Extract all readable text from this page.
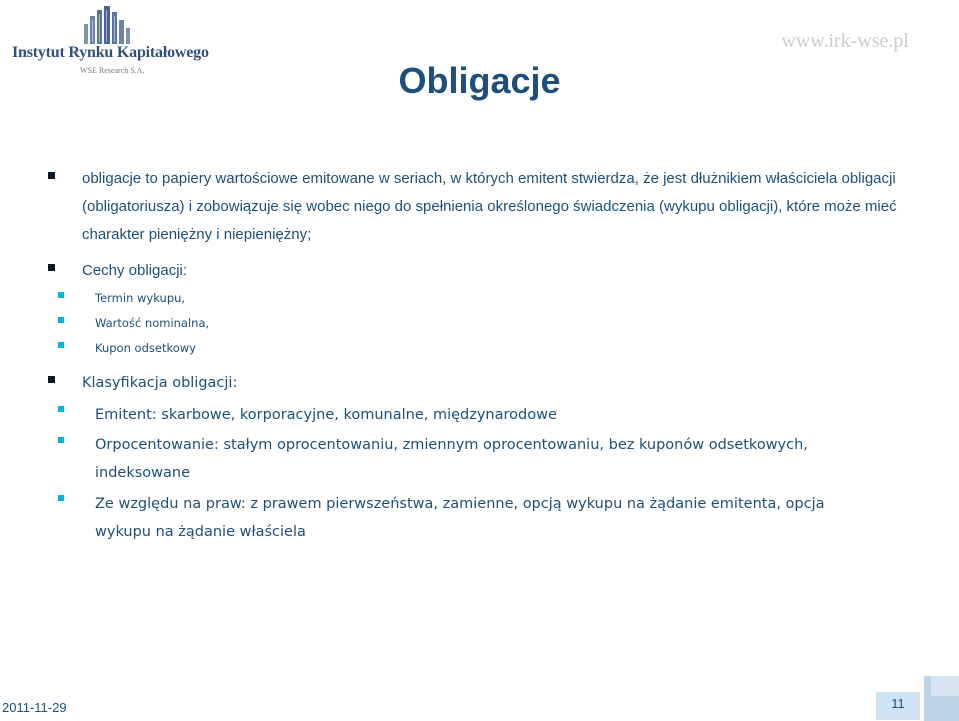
Instytut Rynku Kapitałowego
WSE Research S.A.
www.irk-wse.pl
Obligacje
obligacje to papiery wartościowe emitowane w seriach, w których emitent stwierdza, że jest dłużnikiem właściciela obligacji (obligatoriusza) i zobowiązuje się wobec niego do spełnienia określonego świadczenia (wykupu obligacji), które może mieć charakter pieniężny i niepieniężny;
Cechy obligacji:
Termin wykupu,
Wartość nominalna,
Kupon odsetkowy
Klasyfikacja obligacji:
Emitent: skarbowe, korporacyjne, komunalne, międzynarodowe
Orpocentowanie: stałym oprocentowaniu, zmiennym oprocentowaniu, bez kuponów odsetkowych, indeksowane
Ze względu na praw: z prawem pierwszeństwa, zamienne, opcją wykupu na żądanie emitenta, opcja wykupu na żądanie właściela
2011-11-29	11
